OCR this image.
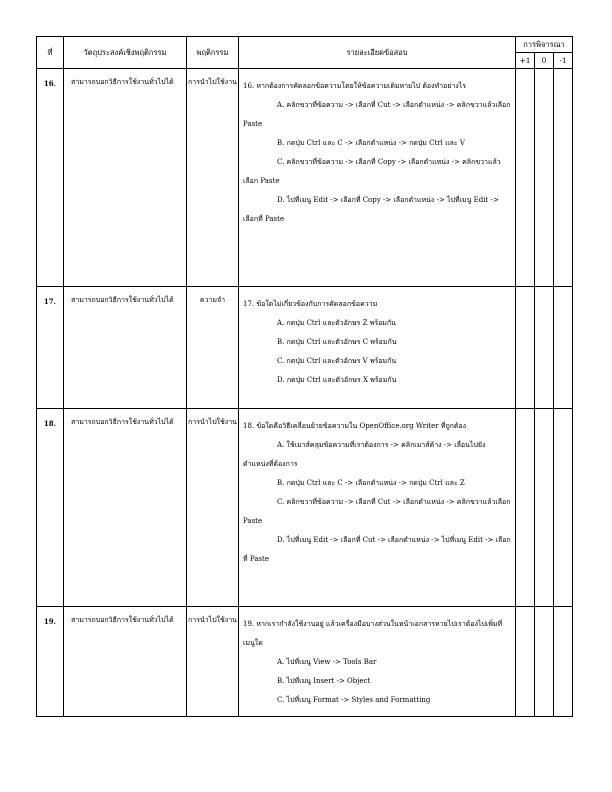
ที่	วัตถุประสงค์เชิงพฤติกรรม	พฤติกรรม	รายละเอียดข้อสอบ	การพิจารณา		
				+1	0	-1
16.	สามารถบอกวิธีการใช้งานทั่วไปได้	การนำไปใช้งาน	16. หากต้องการคัดลอกข้อความโดยให้ข้อความเดิมหายไป ต้องทำอย่างไร
A. คลิกขวาที่ข้อความ -> เลือกที่ Cut -> เลือกตำแหน่ง -> คลิกขวาแล้วเลือก Paste
B. กดปุ่ม Ctrl และ C -> เลือกตำแหน่ง -> กดปุ่ม Ctrl และ V
C. คลิกขวาที่ข้อความ -> เลือกที่ Copy -> เลือกตำแหน่ง -> คลิกขวาแล้วเลือก Paste
D. ไปที่เมนู Edit -> เลือกที่ Copy -> เลือกตำแหน่ง -> ไปที่เมนู Edit -> เลือกที่ Paste			

17.	สามารถบอกวิธีการใช้งานทั่วไปได้	ความจำ	17. ข้อใดไม่เกี่ยวข้องกับการคัดลอกข้อความ
A. กดปุ่ม Ctrl และตัวอักษร Z พร้อมกัน
B. กดปุ่ม Ctrl และตัวอักษร C พร้อมกัน
C. กดปุ่ม Ctrl และตัวอักษร V พร้อมกัน
D. กดปุ่ม Ctrl และตัวอักษร X พร้อมกัน			

18.	สามารถบอกวิธีการใช้งานทั่วไปได้	การนำไปใช้งาน	18. ข้อใดคือวิธีเคลื่อนย้ายข้อความใน OpenOffice.org Writer ที่ถูกต้อง
A. ใช้เมาส์คลุมข้อความที่เราต้องการ -> คลิกเมาส์ค้าง -> เลื่อนไปยังตำแหน่งที่ต้องการ
B. กดปุ่ม Ctrl และ C -> เลือกตำแหน่ง -> กดปุ่ม Ctrl และ Z
C. คลิกขวาที่ข้อความ -> เลือกที่ Cut -> เลือกตำแหน่ง -> คลิกขวาแล้วเลือก Paste
D. ไปที่เมนู Edit -> เลือกที่ Cut -> เลือกตำแหน่ง -> ไปที่เมนู Edit -> เลือกที่ Paste			

19.	สามารถบอกวิธีการใช้งานทั่วไปได้	การนำไปใช้งาน	19. หากเรากำลังใช้งานอยู่ แล้วเครื่องมือบางส่วนในหน้าเอกสารหายไปเราต้องไปเพิ่มที่เมนูใด
A. ไปที่เมนู View -> Tools Bar
B. ไปที่เมนู Insert -> Object
C. ไปที่เมนู Format -> Styles and Formatting			
